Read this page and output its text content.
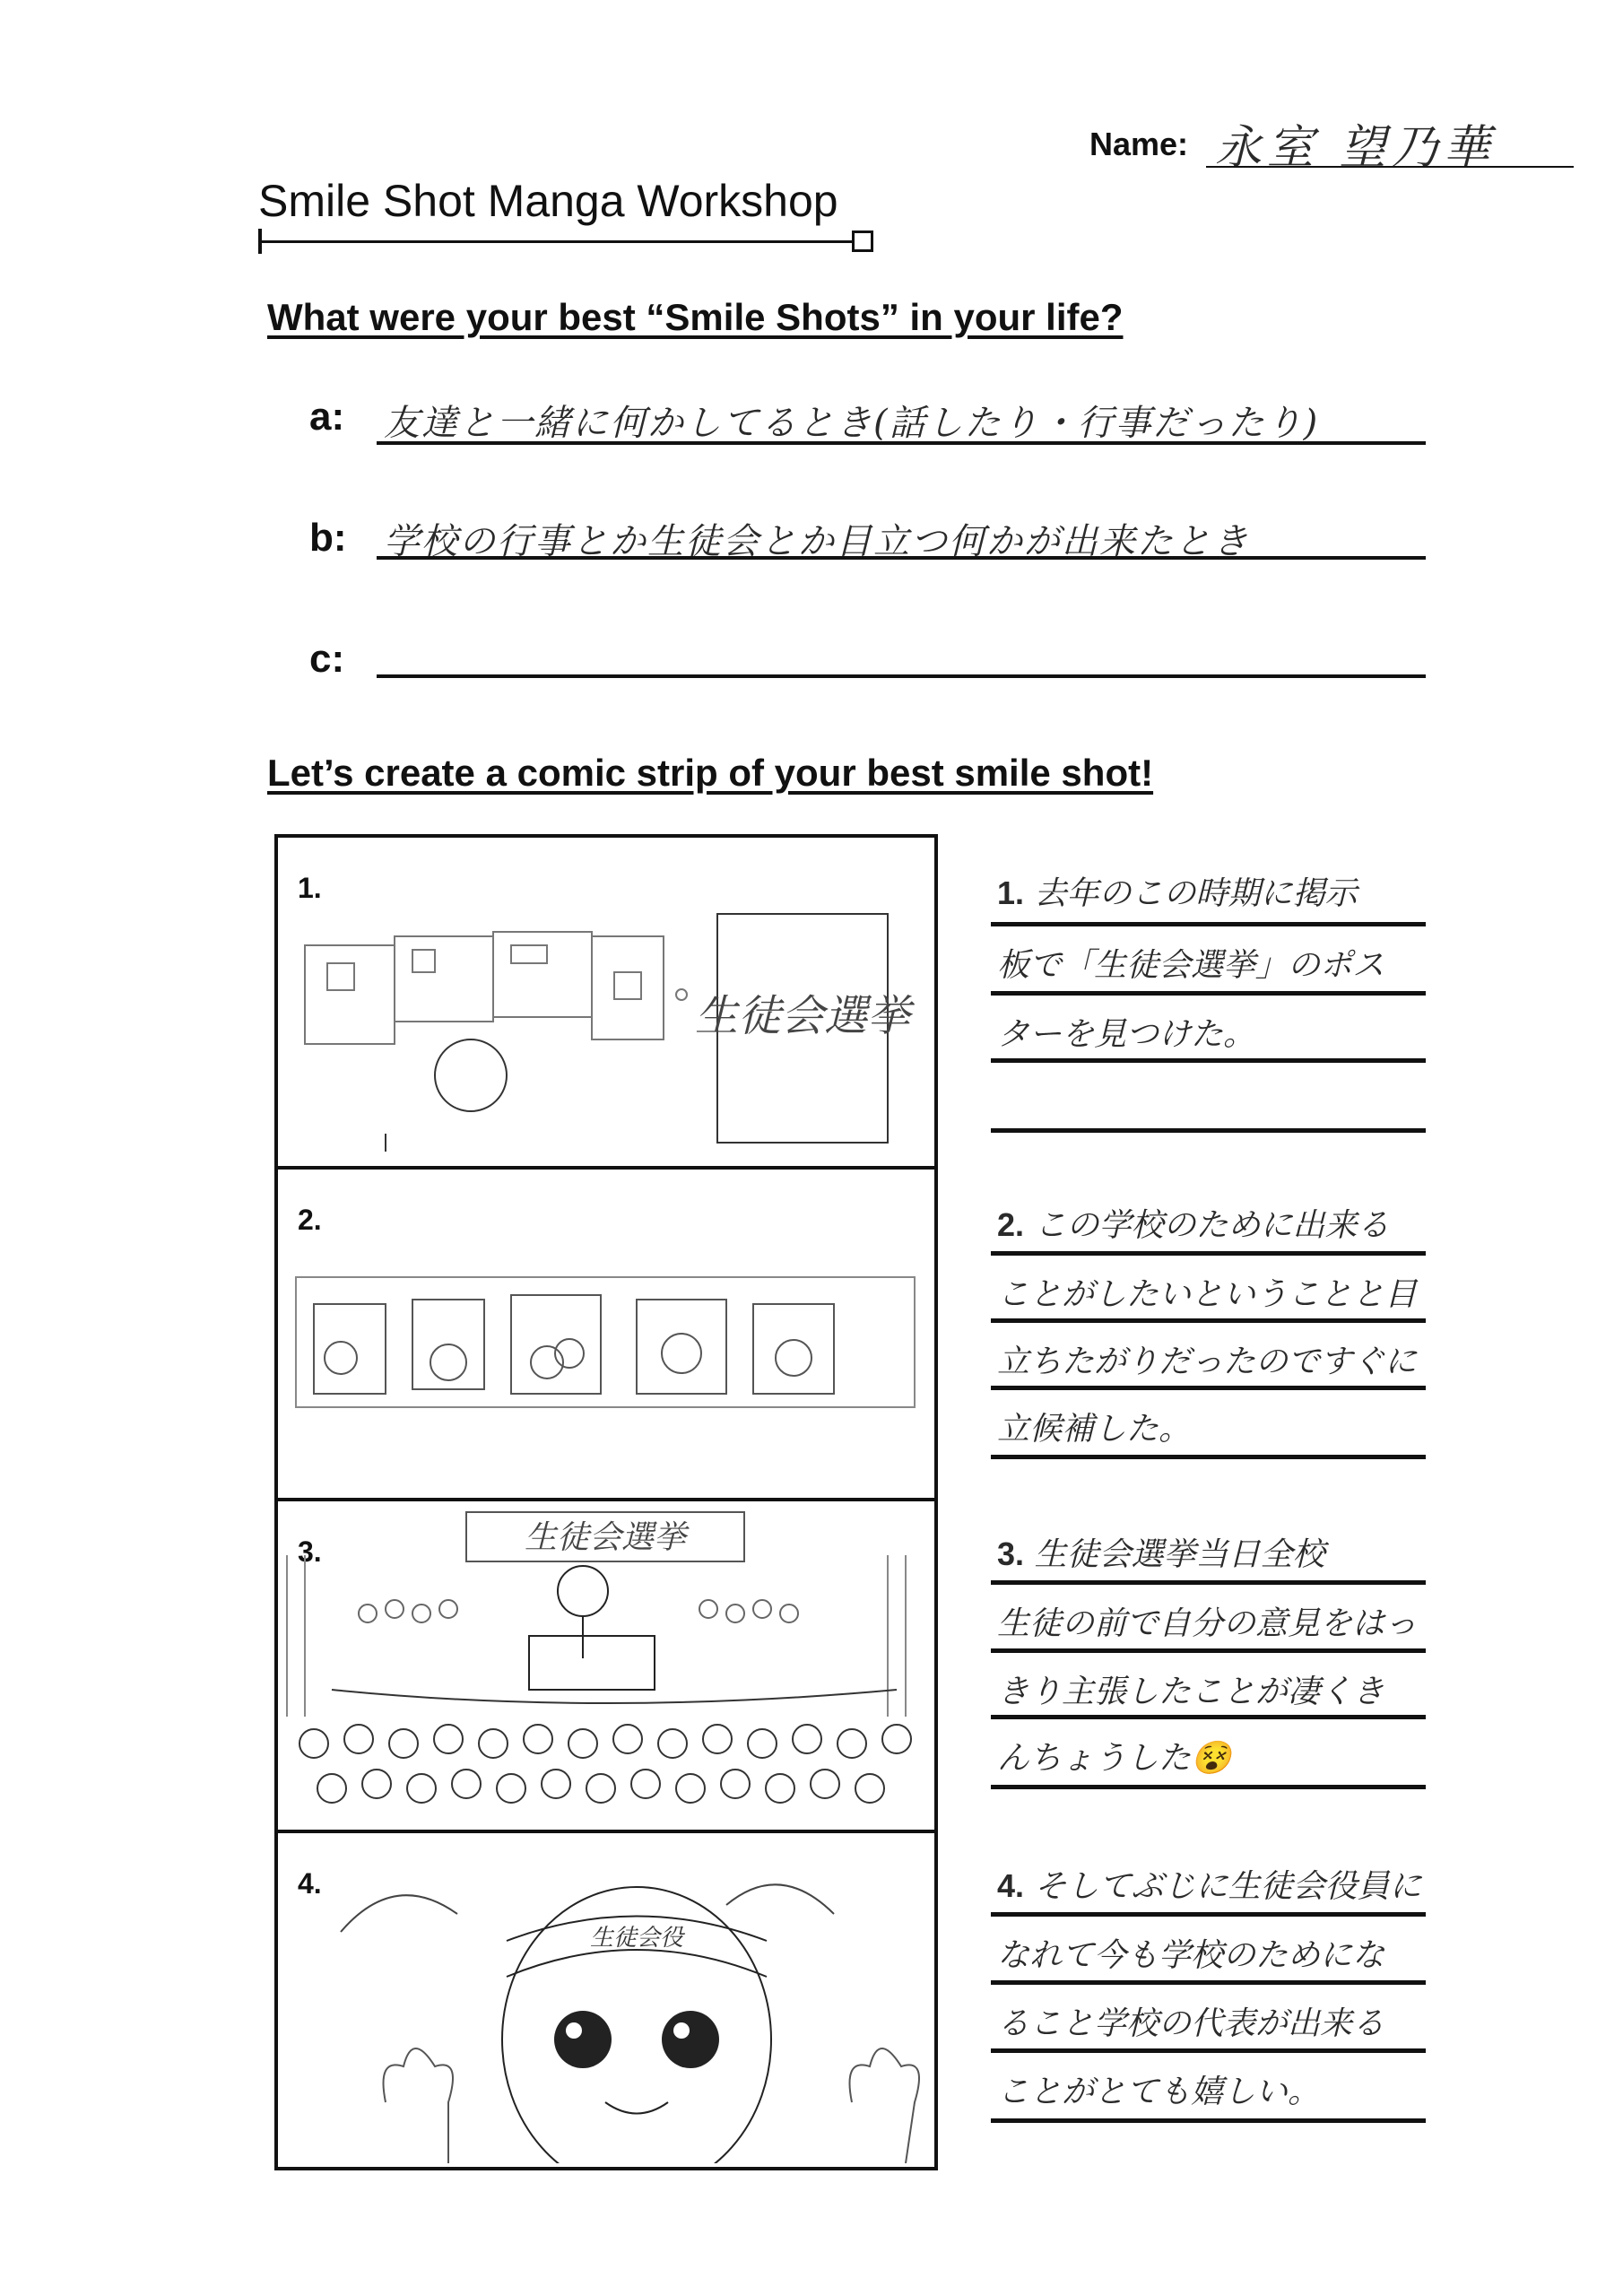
Name: 永室 望乃華
Smile Shot Manga Workshop
What were your best “Smile Shots” in your life?
a: 友達と一緒に何かしてるとき(話したり・行事だったり)
b: 学校の行事とか生徒会とか目立つ何かが出来たとき
c:
Let’s create a comic strip of your best smile shot!
1.
生徒会選挙
2.
3.	生徒会選挙
4.
生徒会役
1. 去年のこの時期に掲示
板で「生徒会選挙」のポス
ターを見つけた。
2. この学校のために出来る
ことがしたいということと目
立ちたがりだったのですぐに
立候補した。
3. 生徒会選挙当日全校
生徒の前で自分の意見をはっ
きり主張したことが凄くき
んちょうした😵
4. そしてぶじに生徒会役員に
なれて今も学校のためにな
ること学校の代表が出来る
ことがとても嬉しい。
